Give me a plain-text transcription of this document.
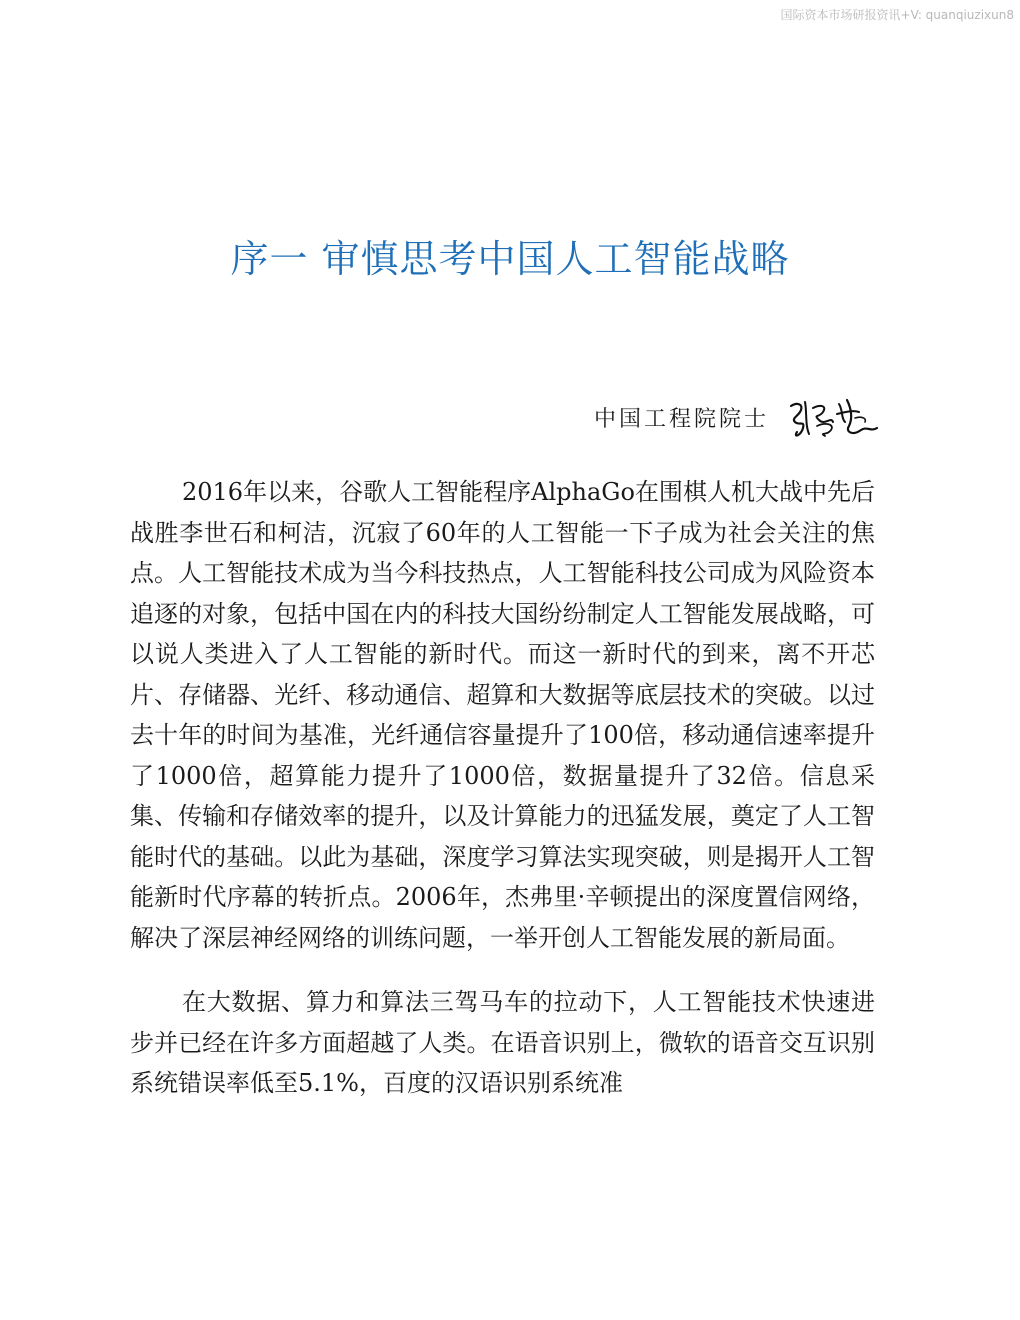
国际资本市场研报资讯+V: quanqiuzixun8
序一 审慎思考中国人工智能战略
中国工程院院士

2016年以来，谷歌人工智能程序AlphaGo在围棋人机大战中先后战胜李世石和柯洁，沉寂了60年的人工智能一下子成为社会关注的焦点。人工智能技术成为当今科技热点，人工智能科技公司成为风险资本追逐的对象，包括中国在内的科技大国纷纷制定人工智能发展战略，可以说人类进入了人工智能的新时代。而这一新时代的到来，离不开芯片、存储器、光纤、移动通信、超算和大数据等底层技术的突破。以过去十年的时间为基准，光纤通信容量提升了100倍，移动通信速率提升了1000倍，超算能力提升了1000倍，数据量提升了32倍。信息采集、传输和存储效率的提升，以及计算能力的迅猛发展，奠定了人工智能时代的基础。以此为基础，深度学习算法实现突破，则是揭开人工智能新时代序幕的转折点。2006年，杰弗里·辛顿提出的深度置信网络，解决了深层神经网络的训练问题，一举开创人工智能发展的新局面。

在大数据、算力和算法三驾马车的拉动下，人工智能技术快速进步并已经在许多方面超越了人类。在语音识别上，微软的语音交互识别系统错误率低至5.1%，百度的汉语识别系统准
